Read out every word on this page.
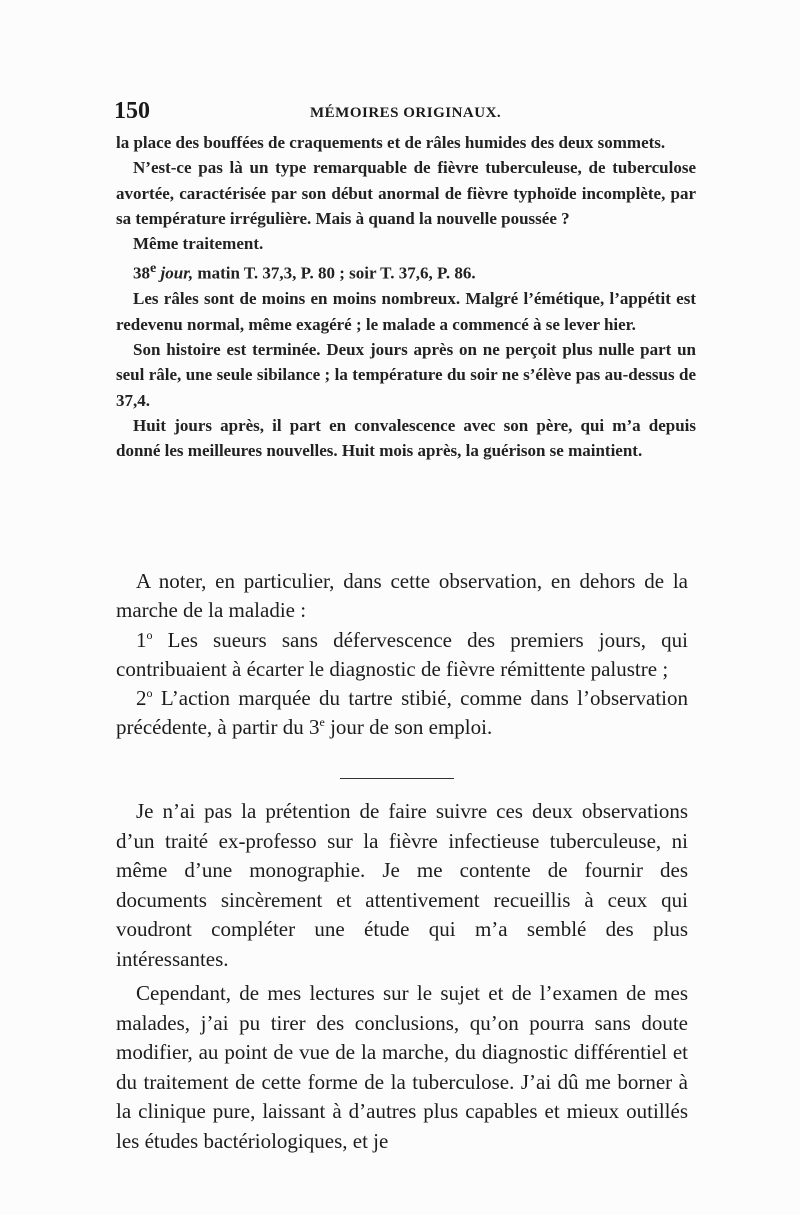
150	MÉMOIRES ORIGINAUX.

la place des bouffées de craquements et de râles humides des deux sommets.

N’est-ce pas là un type remarquable de fièvre tuberculeuse, de tuberculose avortée, caractérisée par son début anormal de fièvre typhoïde incomplète, par sa température irrégulière. Mais à quand la nouvelle poussée ?

Même traitement.

38e jour, matin T. 37,3, P. 80 ; soir T. 37,6, P. 86.

Les râles sont de moins en moins nombreux. Malgré l’émétique, l’appétit est redevenu normal, même exagéré ; le malade a commencé à se lever hier.

Son histoire est terminée. Deux jours après on ne perçoit plus nulle part un seul râle, une seule sibilance ; la température du soir ne s’élève pas au-dessus de 37,4.

Huit jours après, il part en convalescence avec son père, qui m’a depuis donné les meilleures nouvelles. Huit mois après, la guérison se maintient.

A noter, en particulier, dans cette observation, en dehors de la marche de la maladie :

1$^o$ Les sueurs sans défervescence des premiers jours, qui contribuaient à écarter le diagnostic de fièvre rémittente palustre ;

2$^o$ L’action marquée du tartre stibié, comme dans l’observation précédente, à partir du 3e jour de son emploi.

Je n’ai pas la prétention de faire suivre ces deux observations d’un traité ex-professo sur la fièvre infectieuse tuberculeuse, ni même d’une monographie. Je me contente de fournir des documents sincèrement et attentivement recueillis à ceux qui voudront compléter une étude qui m’a semblé des plus intéressantes.

Cependant, de mes lectures sur le sujet et de l’examen de mes malades, j’ai pu tirer des conclusions, qu’on pourra sans doute modifier, au point de vue de la marche, du diagnostic différentiel et du traitement de cette forme de la tuberculose. J’ai dû me borner à la clinique pure, laissant à d’autres plus capables et mieux outillés les études bactériologiques, et je
